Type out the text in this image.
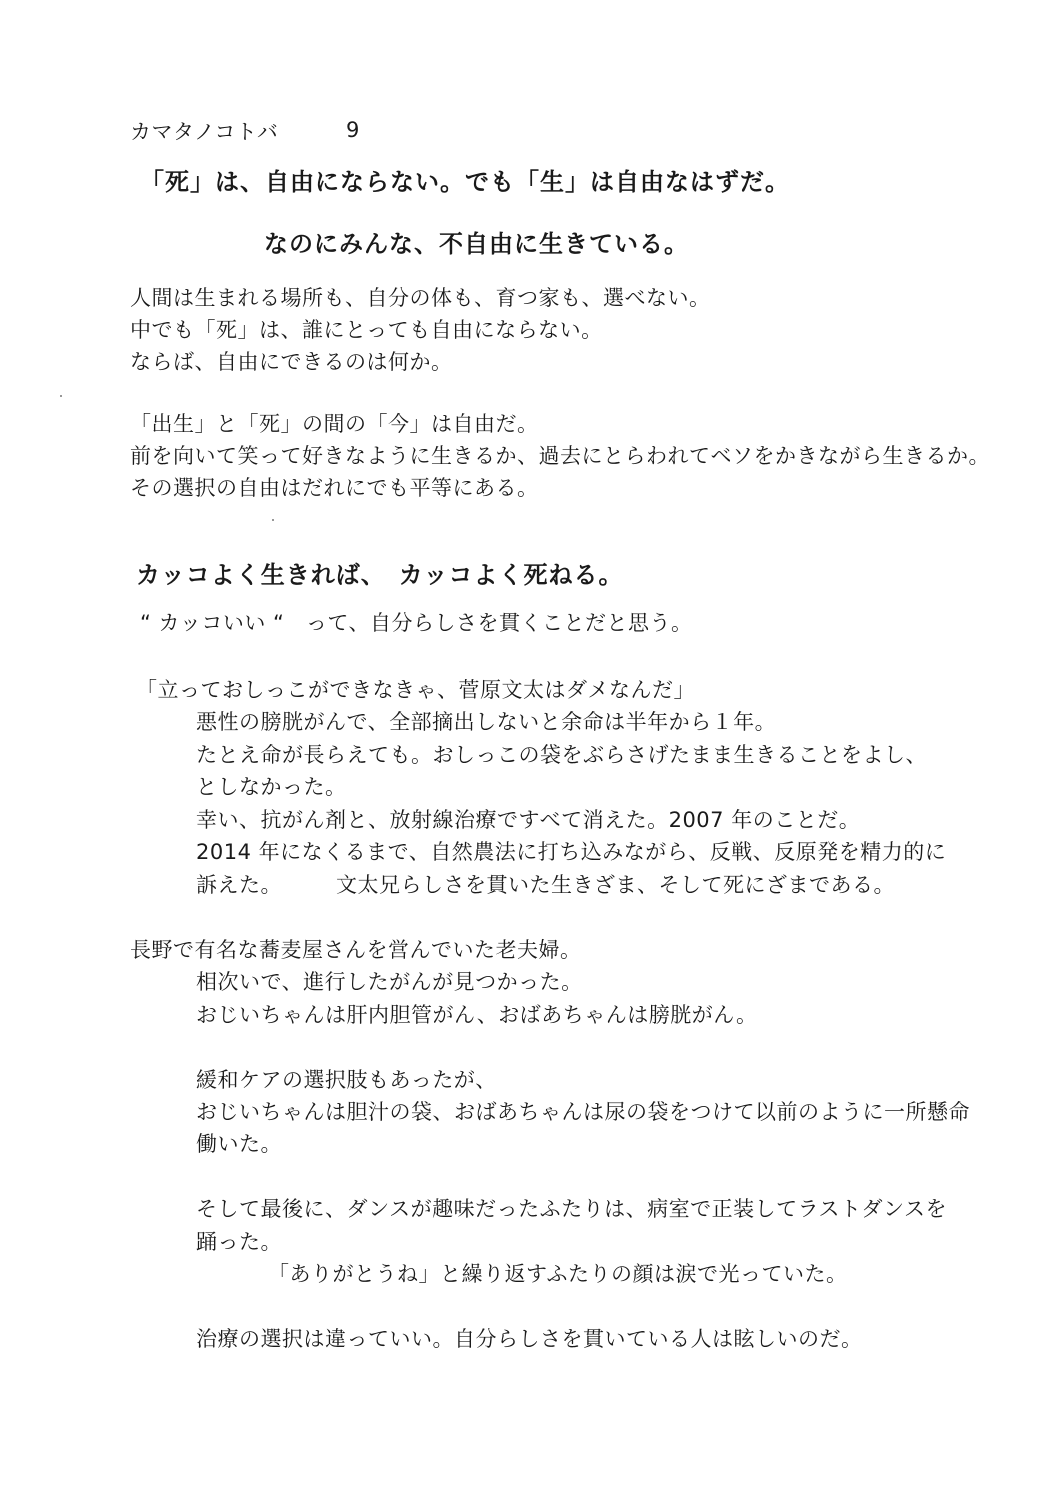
カマタノコトバ	9
「死」は、自由にならない。でも「生」は自由なはずだ。
なのにみんな、不自由に生きている。
人間は生まれる場所も、自分の体も、育つ家も、選べない。
中でも「死」は、誰にとっても自由にならない。
ならば、自由にできるのは何か。
「出生」と「死」の間の「今」は自由だ。
前を向いて笑って好きなように生きるか、過去にとらわれてベソをかきながら生きるか。
その選択の自由はだれにでも平等にある。
カッコよく生きれば、　カッコよく死ねる。
“ カッコいい “　って、自分らしさを貫くことだと思う。
「立っておしっこができなきゃ、菅原文太はダメなんだ」
悪性の膀胱がんで、全部摘出しないと余命は半年から１年。
たとえ命が長らえても。おしっこの袋をぶらさげたまま生きることをよし、
としなかった。
幸い、抗がん剤と、放射線治療ですべて消えた。2007 年のことだ。
2014 年になくるまで、自然農法に打ち込みながら、反戦、反原発を精力的に
訴えた。　　　文太兄らしさを貫いた生きざま、そして死にざまである。
長野で有名な蕎麦屋さんを営んでいた老夫婦。
相次いで、進行したがんが見つかった。
おじいちゃんは肝内胆管がん、おばあちゃんは膀胱がん。
緩和ケアの選択肢もあったが、
おじいちゃんは胆汁の袋、おばあちゃんは尿の袋をつけて以前のように一所懸命
働いた。
そして最後に、ダンスが趣味だったふたりは、病室で正装してラストダンスを
踊った。
「ありがとうね」と繰り返すふたりの顔は涙で光っていた。
治療の選択は違っていい。自分らしさを貫いている人は眩しいのだ。
